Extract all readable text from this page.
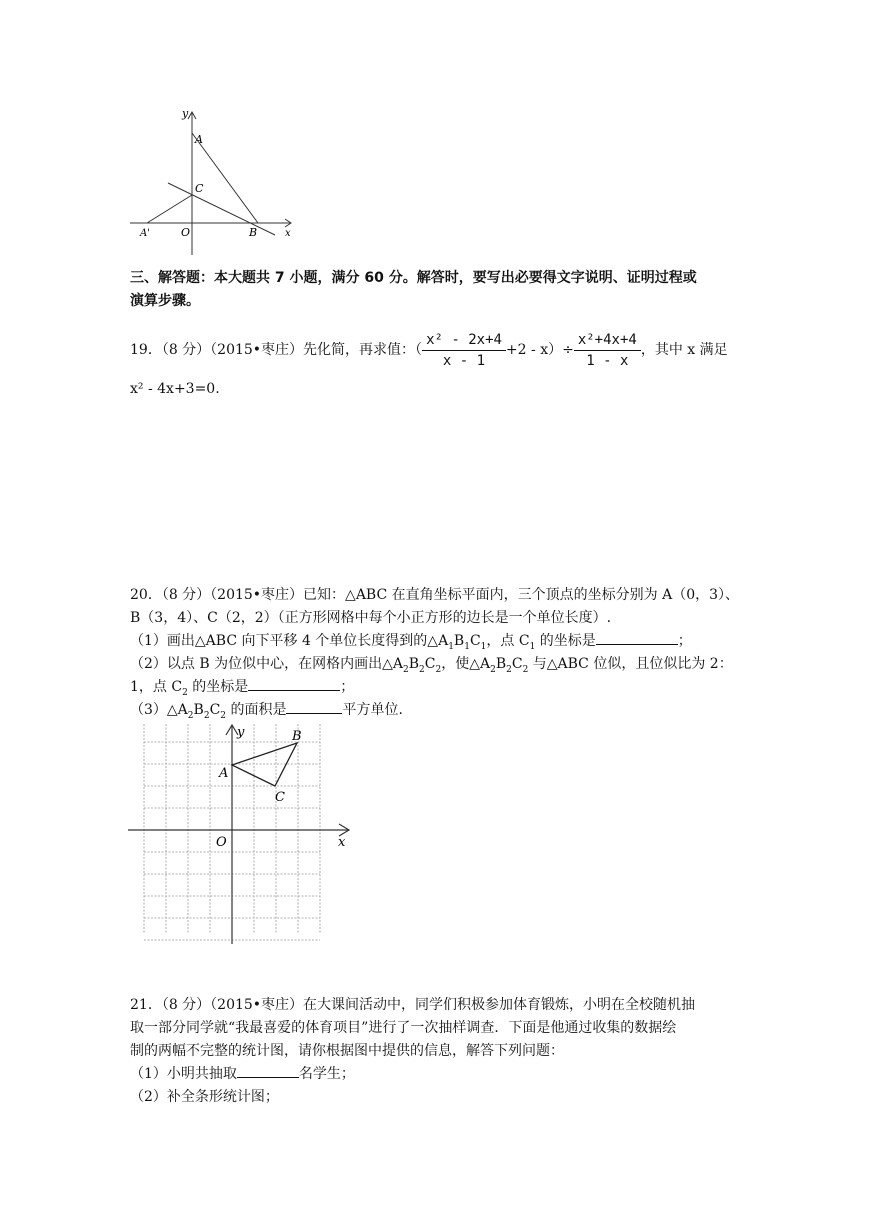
y
A
C
A'	O	B	x
三、解答题：本大题共 7 小题，满分 60 分。解答时，要写出必要得文字说明、证明过程或
演算步骤。
19．（8 分）（2015•枣庄）先化简，再求值：（ $\frac{\text{x² - 2x+4}}{x - 1} +2 - x)\div \frac{\text{x²+4x+4}}{1 - x}$ ，其中 x 满足
x² - 4x+3=0.
20．（8 分）（2015•枣庄）已知：△ABC 在直角坐标平面内，三个顶点的坐标分别为 A（0，3）、
B（3，4）、C（2，2）（正方形网格中每个小正方形的边长是一个单位长度）.
（1）画出△ABC 向下平移 4 个单位长度得到的$\triangle A_1B_1C_1$，点 $C_1$ 的坐标是	；
（2）以点 B 为位似中心，在网格内画出$\triangle A_2B_2C_2$，使$\triangle A_2B_2C_2$ 与△ABC 位似，且位似比为 2：
1，点 $C_2$ 的坐标是	；
$(3)\triangle A_2B_2C_2$ 的面积是	平方单位.
y
A
B
C
O	x
21．（8 分）（2015•枣庄）在大课间活动中，同学们积极参加体育锻炼，小明在全校随机抽
取一部分同学就“我最喜爱的体育项目”进行了一次抽样调查．下面是他通过收集的数据绘
制的两幅不完整的统计图，请你根据图中提供的信息，解答下列问题：
（1）小明共抽取	名学生；
（2）补全条形统计图；
